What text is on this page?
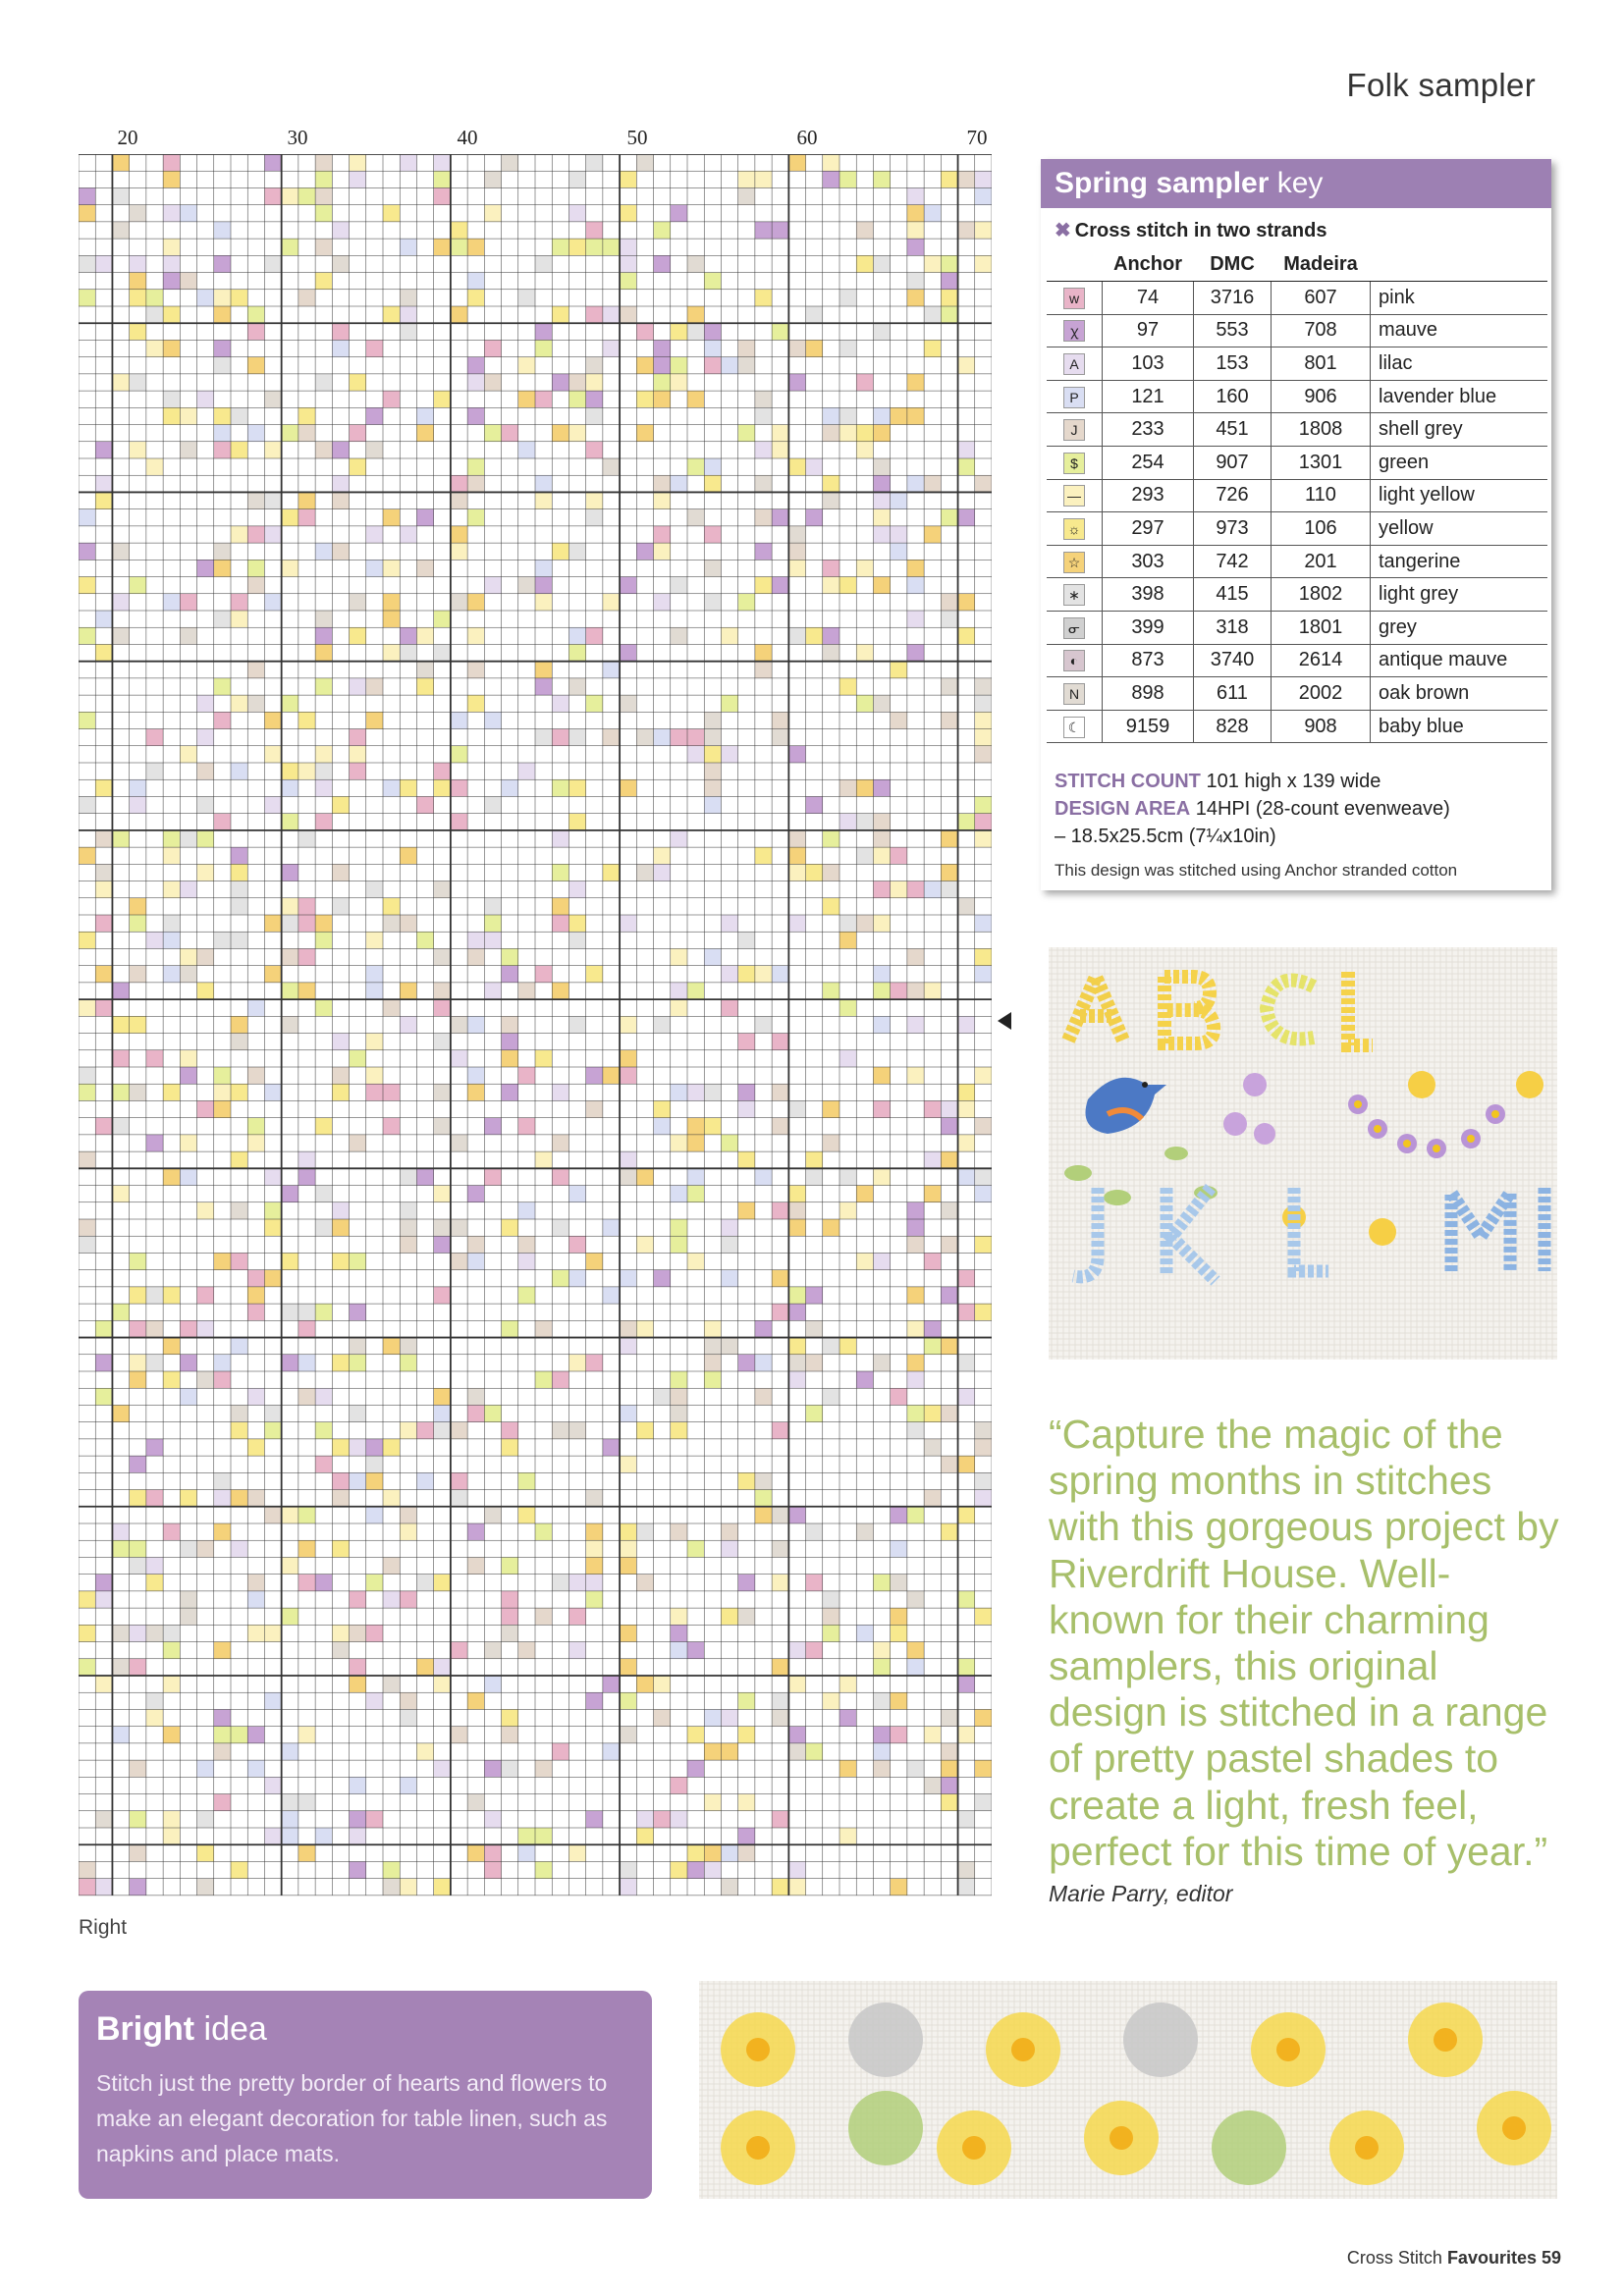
Folk sampler
20	30	40	50	60	70
Right
Spring sampler key
✖ Cross stitch in two strands
	Anchor	DMC	Madeira	
w	74	3716	607	pink
ꭓ	97	553	708	mauve
A	103	153	801	lilac
P	121	160	906	lavender blue
J	233	451	1808	shell grey
$	254	907	1301	green
—	293	726	110	light yellow
☼	297	973	106	yellow
☆	303	742	201	tangerine
∗	398	415	1802	light grey
ᓂ	399	318	1801	grey
◐	873	3740	2614	antique mauve
N	898	611	2002	oak brown
☾	9159	828	908	baby blue
STITCH COUNT 101 high x 139 wide
DESIGN AREA 14HPI (28-count evenweave)
– 18.5x25.5cm (7¼x10in)
This design was stitched using Anchor stranded cotton
“Capture the magic of the spring months in stitches with this gorgeous project by Riverdrift House. Well-known for their charming samplers, this original design is stitched in a range of pretty pastel shades to create a light, fresh feel, perfect for this time of year.”
Marie Parry, editor
Bright idea
Stitch just the pretty border of hearts and flowers to make an elegant decoration for table linen, such as napkins and place mats.
Cross Stitch Favourites 59
